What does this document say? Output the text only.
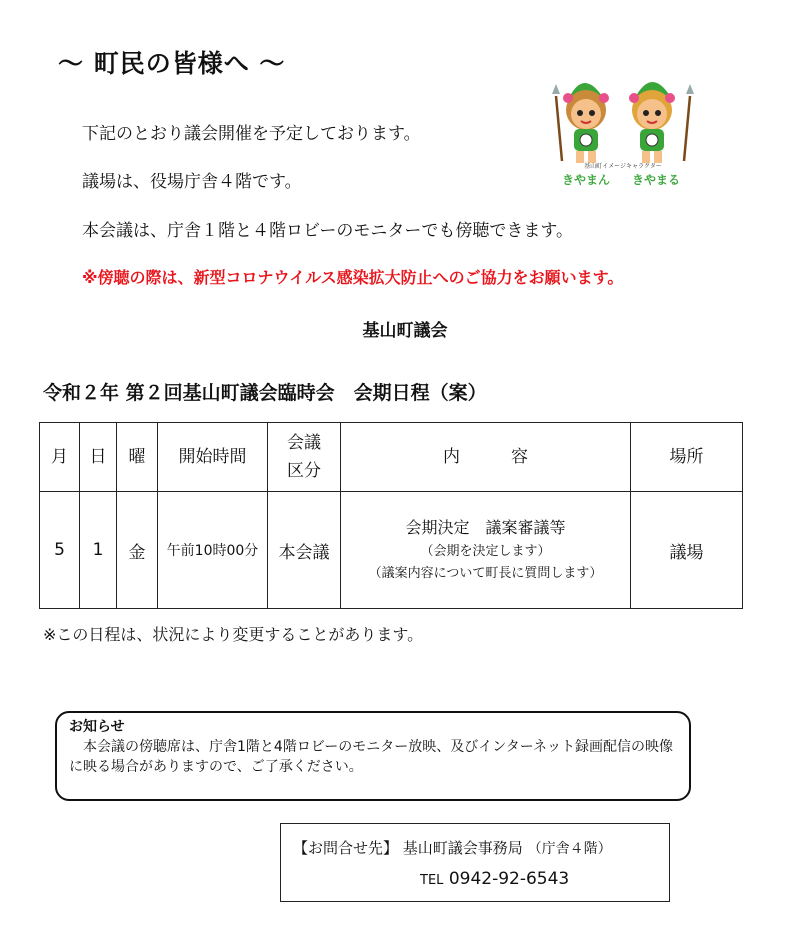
～ 町民の皆様へ ～
下記のとおり議会開催を予定しております。
議場は、役場庁舎４階です。
本会議は、庁舎１階と４階ロビーのモニターでも傍聴できます。
※傍聴の際は、新型コロナウイルス感染拡大防止へのご協力をお願います。
基山町議会
基山町イメージキャラクター
きやまん きやまる
令和２年 第２回基山町議会臨時会　会期日程（案）
月	日	曜	開始時間	会議
区分	内　　　容	場所
5	1	金	午前10時00分	本会議	会期決定　議案審議等
（会期を決定します）
（議案内容について町長に質問します）	議場
※この日程は、状況により変更することがあります。
お知らせ
　本会議の傍聴席は、庁舎1階と4階ロビーのモニター放映、及びインターネット録画配信の映像に映る場合がありますので、ご了承ください。
【お問合せ先】 基山町議会事務局 （庁舎４階）
TEL 0942-92-6543
